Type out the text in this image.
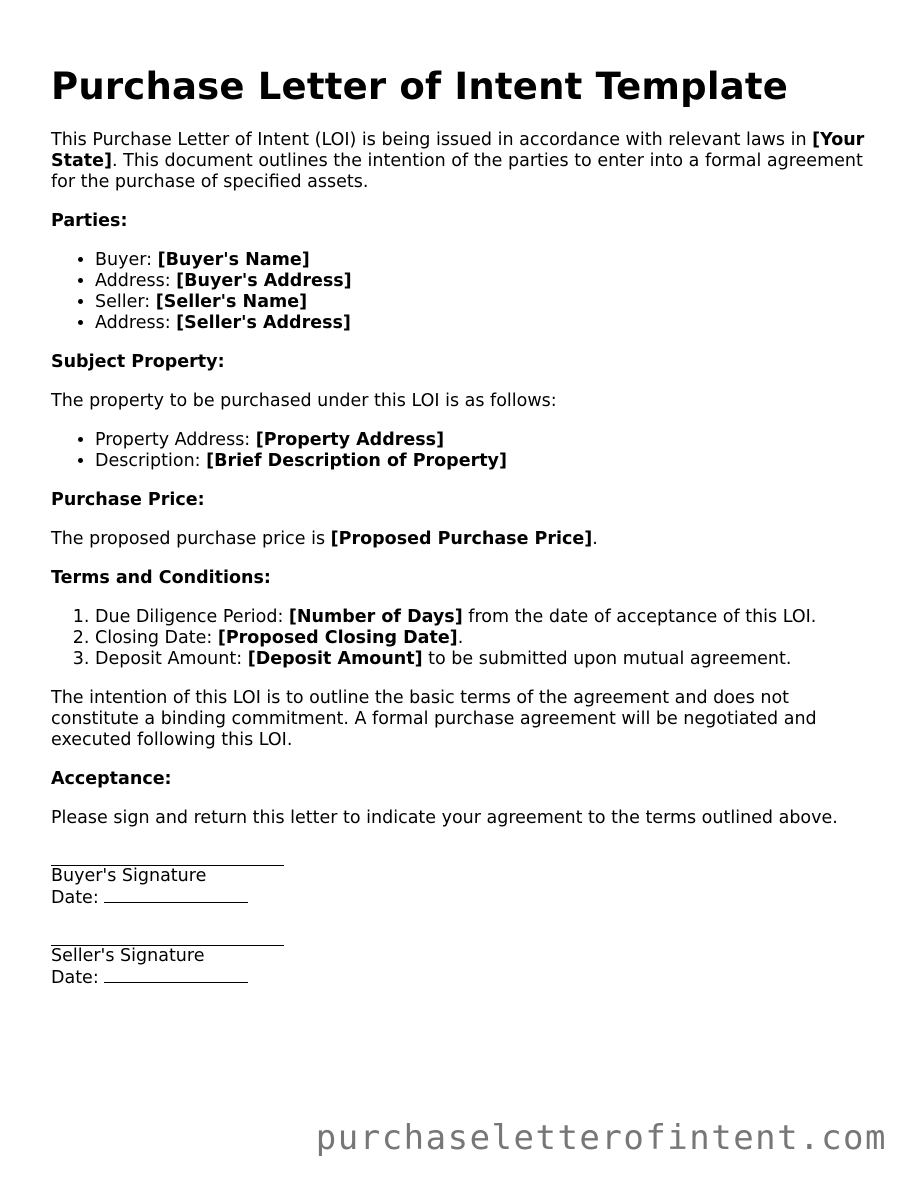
Purchase Letter of Intent Template

This Purchase Letter of Intent (LOI) is being issued in accordance with relevant laws in [Your State]. This document outlines the intention of the parties to enter into a formal agreement for the purchase of specified assets.

Parties:

• Buyer: [Buyer's Name]
• Address: [Buyer's Address]
• Seller: [Seller's Name]
• Address: [Seller's Address]

Subject Property:

The property to be purchased under this LOI is as follows:

• Property Address: [Property Address]
• Description: [Brief Description of Property]

Purchase Price:

The proposed purchase price is [Proposed Purchase Price].

Terms and Conditions:

1. Due Diligence Period: [Number of Days] from the date of acceptance of this LOI.
2. Closing Date: [Proposed Closing Date].
3. Deposit Amount: [Deposit Amount] to be submitted upon mutual agreement.

The intention of this LOI is to outline the basic terms of the agreement and does not constitute a binding commitment. A formal purchase agreement will be negotiated and executed following this LOI.

Acceptance:

Please sign and return this letter to indicate your agreement to the terms outlined above.

Buyer's Signature
Date:
Seller's Signature
Date:
purchaseletterofintent.com
